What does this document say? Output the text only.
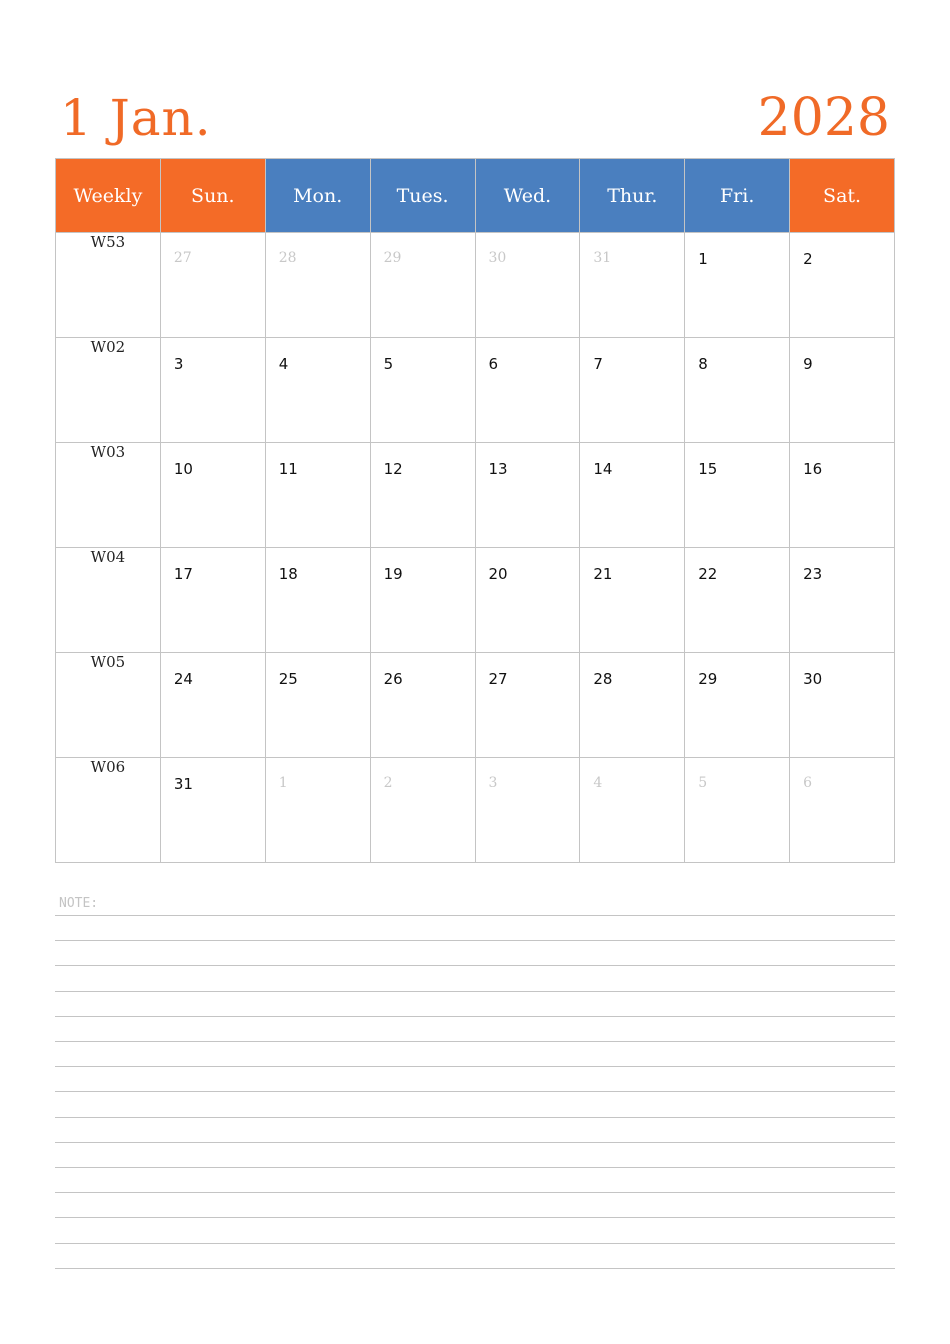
1 Jan.	2028
Weekly	Sun.	Mon.	Tues.	Wed.	Thur.	Fri.	Sat.
W53	27	28	29	30	31	1	2

W02	3	4	5	6	7	8	9

W03	10	11	12	13	14	15	16

W04	17	18	19	20	21	22	23

W05	24	25	26	27	28	29	30

W06	31	1	2	3	4	5	6
NOTE:
